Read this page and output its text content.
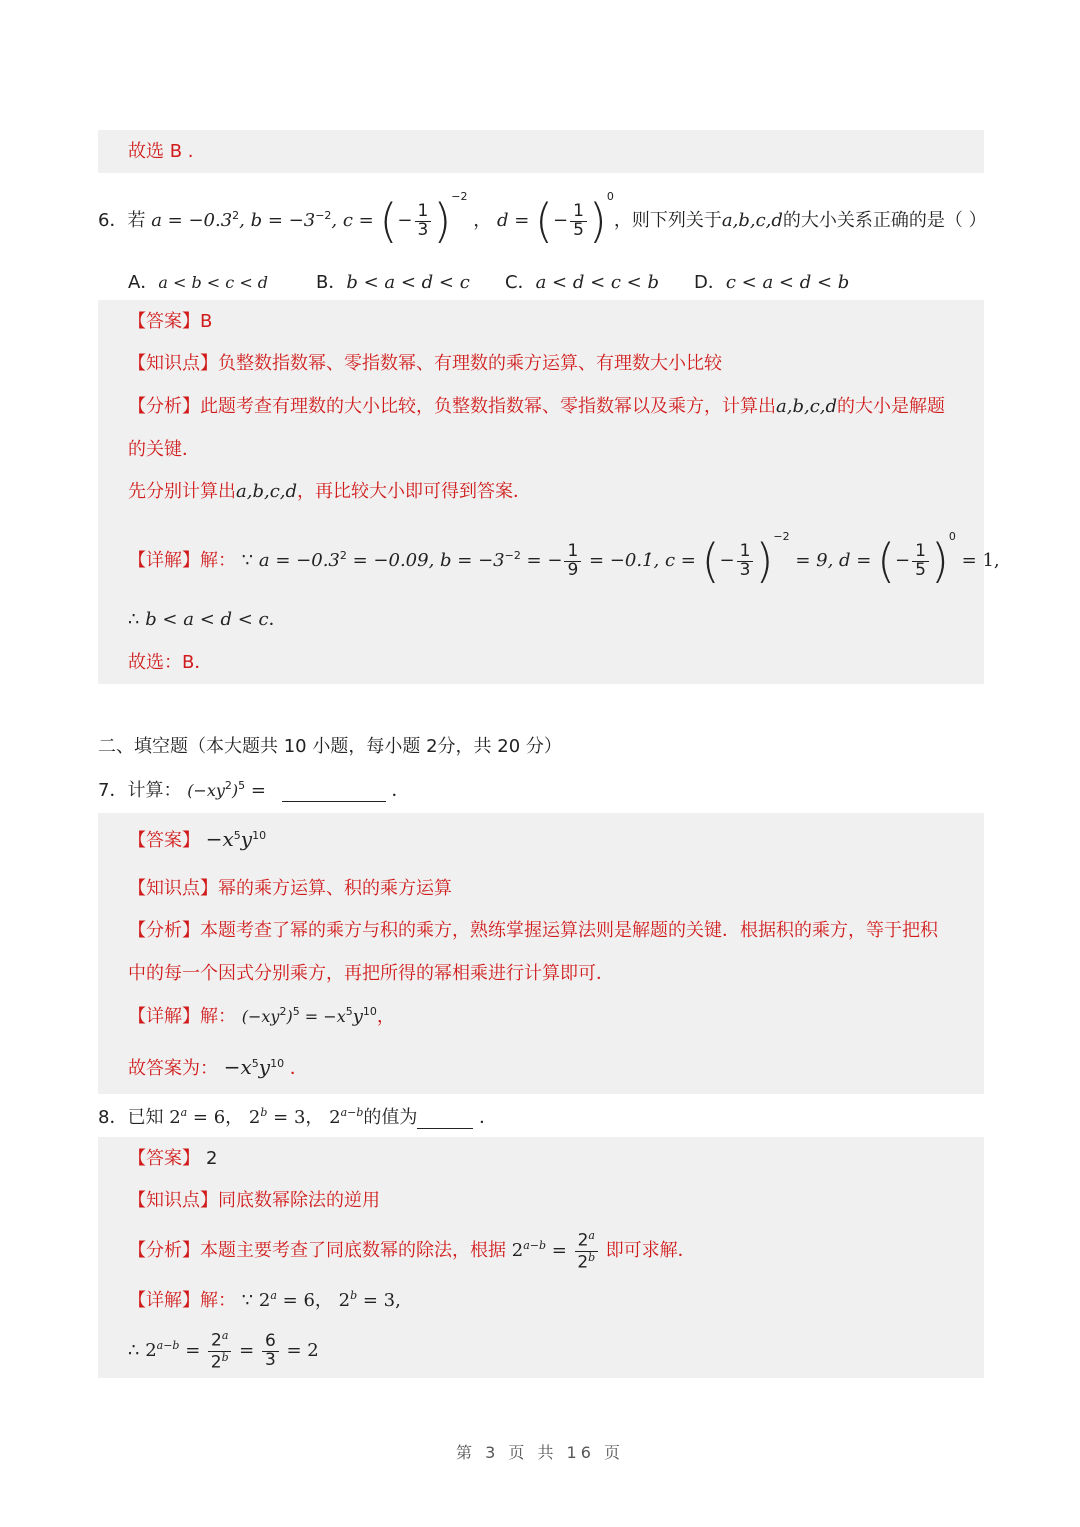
故选 B .
6．若 $a = -0.3^2$, $b = -3^{-2}$, c = (− $\frac{1}{3} )^{-2}$ ， d = (− $\frac{1}{5} )^0$，则下列关于a,b,c,d的大小关系正确的是（ ）
A．a < b < c < d	B．b < a < d < c C．a < d < c < b D．c < a < d < b
【答案】B
【知识点】负整数指数幂、零指数幂、有理数的乘方运算、有理数大小比较
【分析】此题考查有理数的大小比较，负整数指数幂、零指数幂以及乘方，计算出a,b,c,d的大小是解题
的关键．
先分别计算出a,b,c,d，再比较大小即可得到答案．
【详解】解： ∵ $a = -0.3^2 = -0.09$, $b = -3^{-2}$ = − $\frac{1}{9}$ = −0.1̇, c = (− $\frac{1}{3} )^{-2} = 9$, d = (− $\frac{1}{5} )^0 = 1$,
∴ b < a < d < c．
故选：B．
二、填空题（本大题共 10 小题，每小题 2分，共 20 分）
7．计算： $(-xy^2)^5$ =	．
【答案】 $-x^5y^{10}$
【知识点】幂的乘方运算、积的乘方运算
【分析】本题考查了幂的乘方与积的乘方，熟练掌握运算法则是解题的关键．根据积的乘方，等于把积
中的每一个因式分别乘方，再把所得的幂相乘进行计算即可．
【详解】解： $(-xy^2)^5 = -x^5y^{10}$，
故答案为： $-x^5y^{10}$ ．
8．已知 $2^a = 6$， $2^b = 3$， $2^{a-b}$的值为	．
【答案】 2
【知识点】同底数幂除法的逆用
【分析】本题主要考查了同底数幂的除法，根据 $2^{a-b} = \frac{2^a}{2^b}$ 即可求解．
【详解】解： ∵ $2^a = 6$， $2^b = 3$,
∴ $2^{a-b} = \frac{2^a}{2^b} = \frac{6}{3} = 2$
第 3 页 共 16 页
